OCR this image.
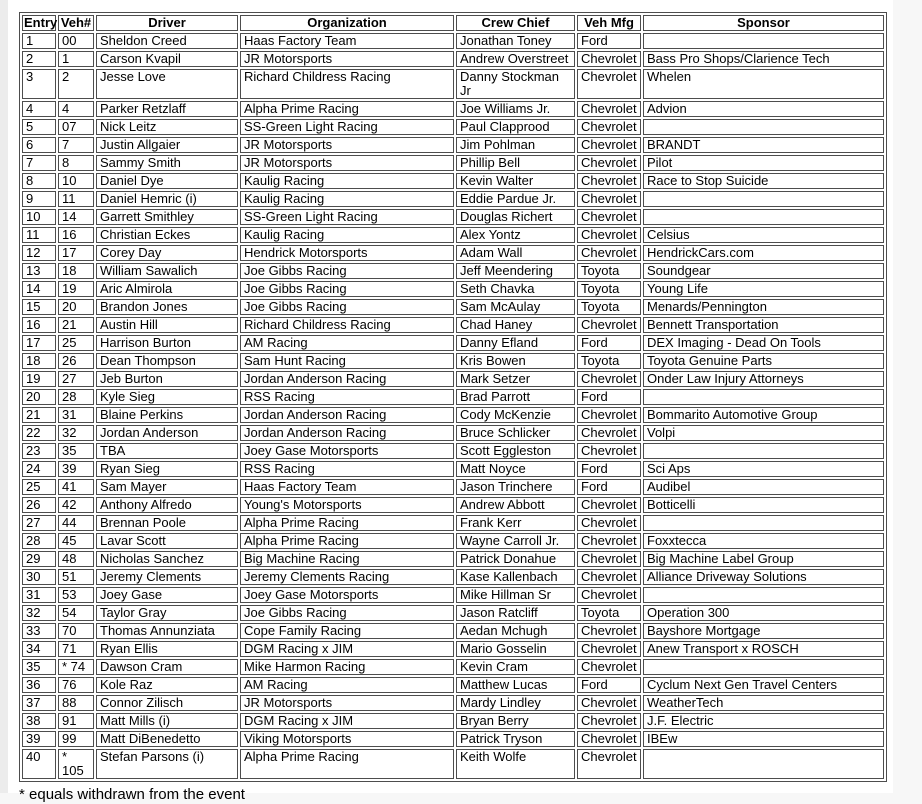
Entry	Veh#	Driver	Organization	Crew Chief	Veh Mfg	Sponsor
1	00	Sheldon Creed	Haas Factory Team	Jonathan Toney	Ford	
2	1	Carson Kvapil	JR Motorsports	Andrew Overstreet	Chevrolet	Bass Pro Shops/Clarience Tech
3	2	Jesse Love	Richard Childress Racing	Danny Stockman Jr	Chevrolet	Whelen
4	4	Parker Retzlaff	Alpha Prime Racing	Joe Williams Jr.	Chevrolet	Advion
5	07	Nick Leitz	SS-Green Light Racing	Paul Clapprood	Chevrolet	
6	7	Justin Allgaier	JR Motorsports	Jim Pohlman	Chevrolet	BRANDT
7	8	Sammy Smith	JR Motorsports	Phillip Bell	Chevrolet	Pilot
8	10	Daniel Dye	Kaulig Racing	Kevin Walter	Chevrolet	Race to Stop Suicide
9	11	Daniel Hemric (i)	Kaulig Racing	Eddie Pardue Jr.	Chevrolet	
10	14	Garrett Smithley	SS-Green Light Racing	Douglas Richert	Chevrolet	
11	16	Christian Eckes	Kaulig Racing	Alex Yontz	Chevrolet	Celsius
12	17	Corey Day	Hendrick Motorsports	Adam Wall	Chevrolet	HendrickCars.com
13	18	William Sawalich	Joe Gibbs Racing	Jeff Meendering	Toyota	Soundgear
14	19	Aric Almirola	Joe Gibbs Racing	Seth Chavka	Toyota	Young Life
15	20	Brandon Jones	Joe Gibbs Racing	Sam McAulay	Toyota	Menards/Pennington
16	21	Austin Hill	Richard Childress Racing	Chad Haney	Chevrolet	Bennett Transportation
17	25	Harrison Burton	AM Racing	Danny Efland	Ford	DEX Imaging - Dead On Tools
18	26	Dean Thompson	Sam Hunt Racing	Kris Bowen	Toyota	Toyota Genuine Parts
19	27	Jeb Burton	Jordan Anderson Racing	Mark Setzer	Chevrolet	Onder Law Injury Attorneys
20	28	Kyle Sieg	RSS Racing	Brad Parrott	Ford	
21	31	Blaine Perkins	Jordan Anderson Racing	Cody McKenzie	Chevrolet	Bommarito Automotive Group
22	32	Jordan Anderson	Jordan Anderson Racing	Bruce Schlicker	Chevrolet	Volpi
23	35	TBA	Joey Gase Motorsports	Scott Eggleston	Chevrolet	
24	39	Ryan Sieg	RSS Racing	Matt Noyce	Ford	Sci Aps
25	41	Sam Mayer	Haas Factory Team	Jason Trinchere	Ford	Audibel
26	42	Anthony Alfredo	Young's Motorsports	Andrew Abbott	Chevrolet	Botticelli
27	44	Brennan Poole	Alpha Prime Racing	Frank Kerr	Chevrolet	
28	45	Lavar Scott	Alpha Prime Racing	Wayne Carroll Jr.	Chevrolet	Foxxtecca
29	48	Nicholas Sanchez	Big Machine Racing	Patrick Donahue	Chevrolet	Big Machine Label Group
30	51	Jeremy Clements	Jeremy Clements Racing	Kase Kallenbach	Chevrolet	Alliance Driveway Solutions
31	53	Joey Gase	Joey Gase Motorsports	Mike Hillman Sr	Chevrolet	
32	54	Taylor Gray	Joe Gibbs Racing	Jason Ratcliff	Toyota	Operation 300
33	70	Thomas Annunziata	Cope Family Racing	Aedan Mchugh	Chevrolet	Bayshore Mortgage
34	71	Ryan Ellis	DGM Racing x JIM	Mario Gosselin	Chevrolet	Anew Transport x ROSCH
35	* 74	Dawson Cram	Mike Harmon Racing	Kevin Cram	Chevrolet	
36	76	Kole Raz	AM Racing	Matthew Lucas	Ford	Cyclum Next Gen Travel Centers
37	88	Connor Zilisch	JR Motorsports	Mardy Lindley	Chevrolet	WeatherTech
38	91	Matt Mills (i)	DGM Racing x JIM	Bryan Berry	Chevrolet	J.F. Electric
39	99	Matt DiBenedetto	Viking Motorsports	Patrick Tryson	Chevrolet	IBEw
40	* 105	Stefan Parsons (i)	Alpha Prime Racing	Keith Wolfe	Chevrolet	
* equals withdrawn from the event
